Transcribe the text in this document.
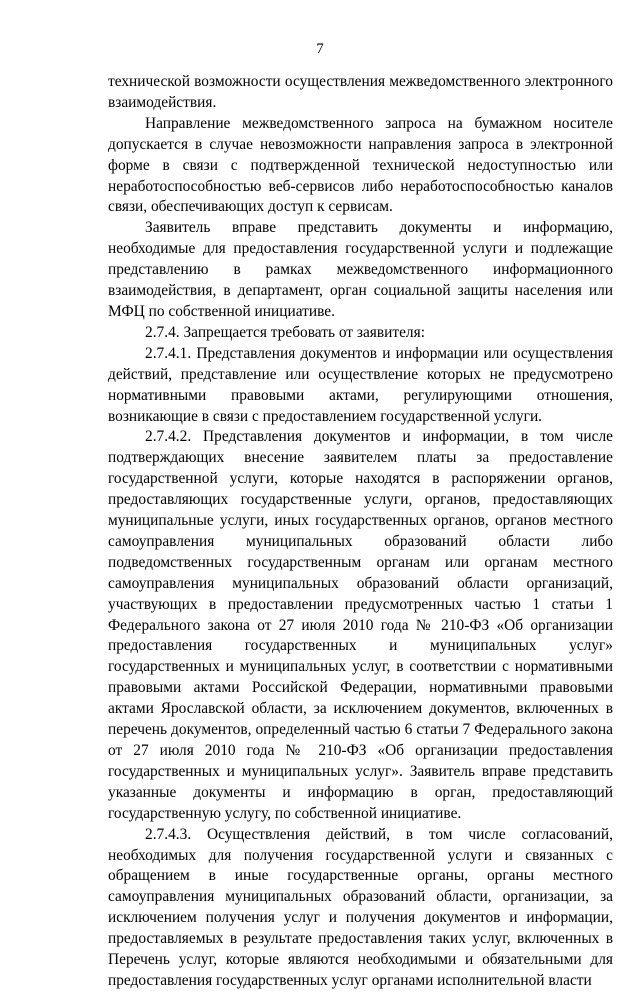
7

технической возможности осуществления межведомственного электронного взаимодействия.

Направление межведомственного запроса на бумажном носителе допускается в случае невозможности направления запроса в электронной форме в связи с подтвержденной технической недоступностью или неработоспособностью веб-сервисов либо неработоспособностью каналов связи, обеспечивающих доступ к сервисам.

Заявитель вправе представить документы и информацию, необходимые для предоставления государственной услуги и подлежащие представлению в рамках межведомственного информационного взаимодействия, в департамент, орган социальной защиты населения или МФЦ по собственной инициативе.

2.7.4. Запрещается требовать от заявителя:

2.7.4.1. Представления документов и информации или осуществления действий, представление или осуществление которых не предусмотрено нормативными правовыми актами, регулирующими отношения, возникающие в связи с предоставлением государственной услуги.

2.7.4.2. Представления документов и информации, в том числе подтверждающих внесение заявителем платы за предоставление государственной услуги, которые находятся в распоряжении органов, предоставляющих государственные услуги, органов, предоставляющих муниципальные услуги, иных государственных органов, органов местного самоуправления муниципальных образований области либо подведомственных государственным органам или органам местного самоуправления муниципальных образований области организаций, участвующих в предоставлении предусмотренных частью 1 статьи 1 Федерального закона от 27 июля 2010 года № 210-ФЗ «Об организации предоставления государственных и муниципальных услуг» государственных и муниципальных услуг, в соответствии с нормативными правовыми актами Российской Федерации, нормативными правовыми актами Ярославской области, за исключением документов, включенных в перечень документов, определенный частью 6 статьи 7 Федерального закона от 27 июля 2010 года № 210-ФЗ «Об организации предоставления государственных и муниципальных услуг». Заявитель вправе представить указанные документы и информацию в орган, предоставляющий государственную услугу, по собственной инициативе.

2.7.4.3. Осуществления действий, в том числе согласований, необходимых для получения государственной услуги и связанных с обращением в иные государственные органы, органы местного самоуправления муниципальных образований области, организации, за исключением получения услуг и получения документов и информации, предоставляемых в результате предоставления таких услуг, включенных в Перечень услуг, которые являются необходимыми и обязательными для предоставления государственных услуг органами исполнительной власти
